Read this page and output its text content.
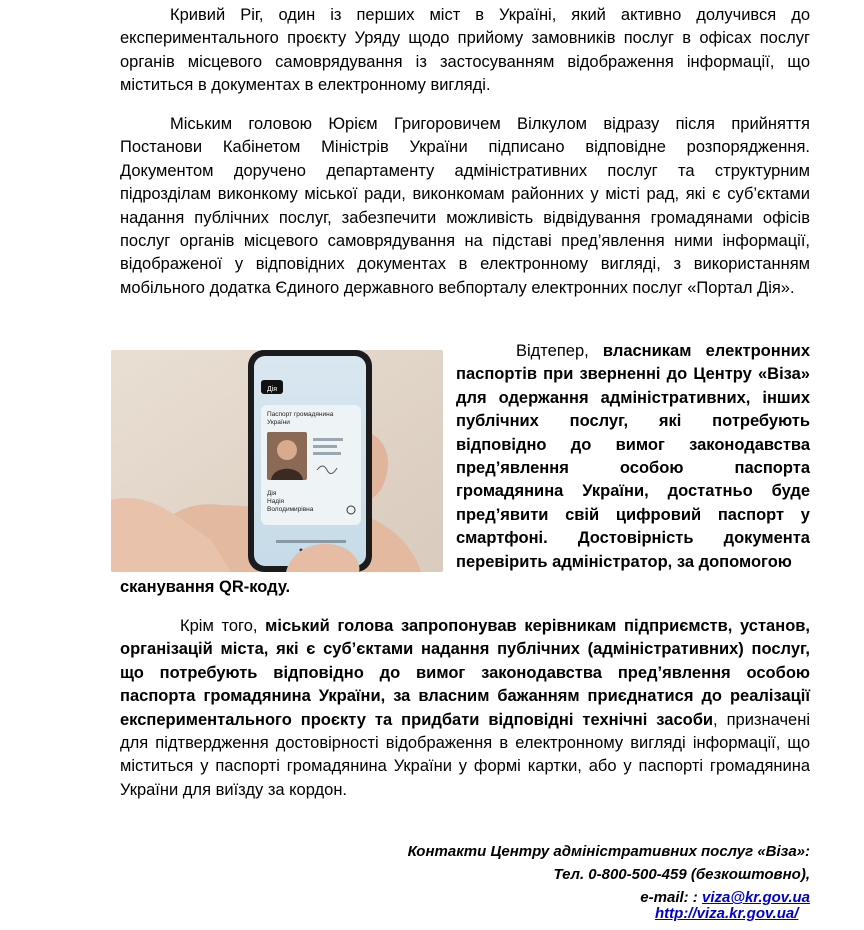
Кривий Ріг, один із перших міст в Україні, який активно долучився до експериментального проєкту Уряду щодо прийому замовників послуг в офісах послуг органів місцевого самоврядування із застосуванням відображення інформації, що міститься в документах в електронному вигляді.

Міським головою Юрієм Григоровичем Вілкулом відразу після прийняття Постанови Кабінетом Міністрів України підписано відповідне розпорядження. Документом доручено департаменту адміністративних послуг та структурним підрозділам виконкому міської ради, виконкомам районних у місті рад, які є суб’єктами надання публічних послуг, забезпечити можливість відвідування громадянами офісів послуг органів місцевого самоврядування на підставі пред’явлення ними інформації, відображеної у відповідних документах в електронному вигляді, з використанням мобільного додатка Єдиного державного вебпорталу електронних послуг «Портал Дія».

Відтепер, власникам електронних паспортів при зверненні до Центру «Віза» для одержання адміністративних, інших публічних послуг, які потребують відповідно до вимог законодавства пред’явлення особою паспорта громадянина України, достатньо буде пред’явити свій цифровий паспорт у смартфоні. Достовірність документа перевірить адміністратор, за допомогою

сканування QR-коду.

Крім того, міський голова запропонував керівникам підприємств, установ, організацій міста, які є суб’єктами надання публічних (адміністративних) послуг, що потребують відповідно до вимог законодавства пред’явлення особою паспорта громадянина України, за власним бажанням приєднатися до реалізації експериментального проєкту та придбати відповідні технічні засоби, призначені для підтвердження достовірності відображення в електронному вигляді інформації, що міститься у паспорті громадянина України у формі картки, або у паспорті громадянина України для виїзду за кордон.

Дія
Паспорт громадянина
України
Дія
Надія
Володимирівна
Контакти Центру адміністративних послуг «Віза»:
Тел. 0-800-500-459 (безкоштовно),
e-mail: : viza@kr.gov.ua
http://viza.kr.gov.ua/
